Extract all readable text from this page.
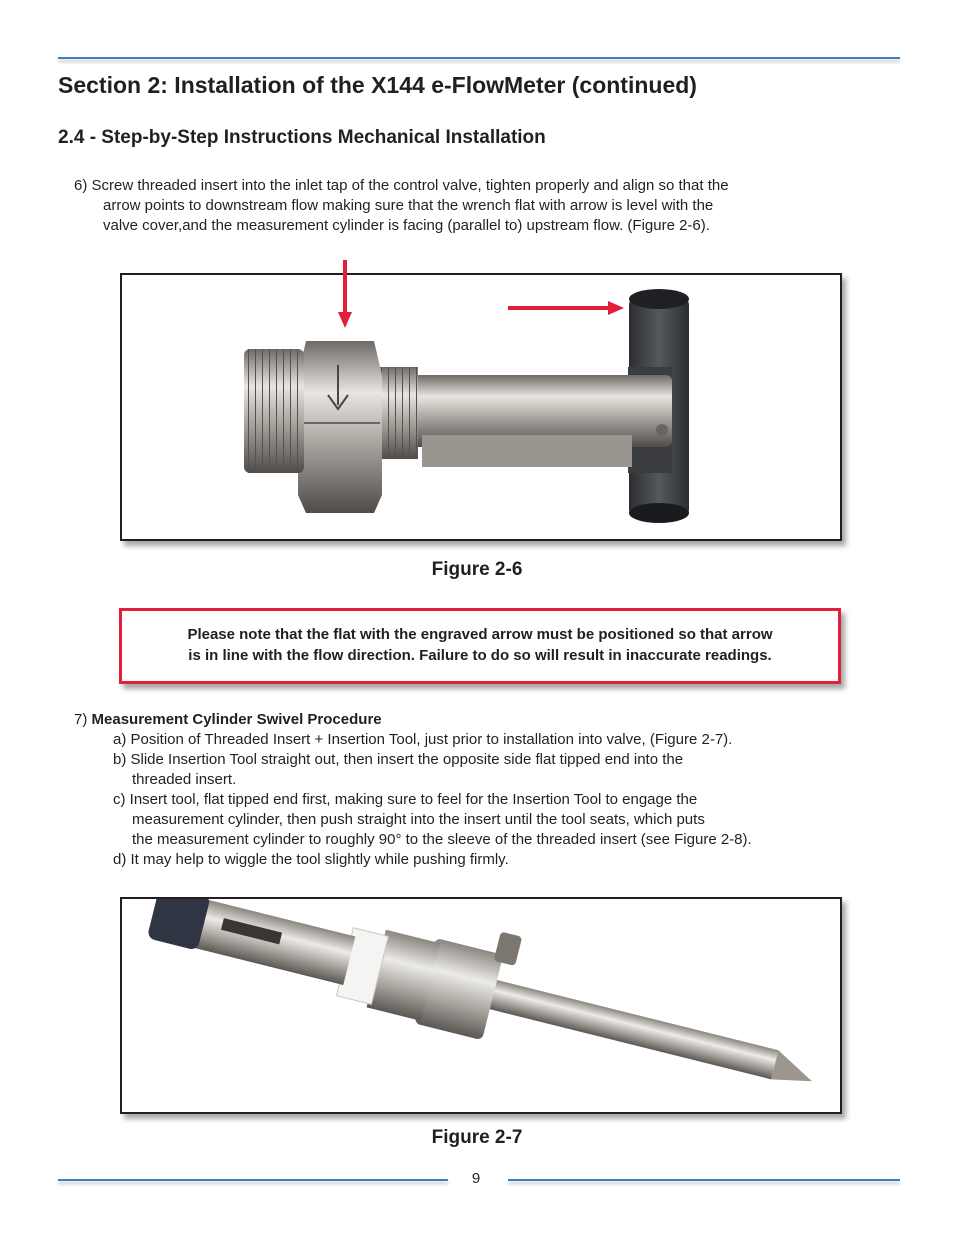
Section 2: Installation of the X144 e-FlowMeter (continued)
2.4 - Step-by-Step Instructions Mechanical Installation
6) Screw threaded insert into the inlet tap of the control valve, tighten properly and align so that the
arrow points to downstream flow making sure that the wrench flat with arrow is level with the
valve cover,and the measurement cylinder is facing (parallel to) upstream flow. (Figure 2-6).
Figure 2-6
Please note that the flat with the engraved arrow must be positioned so that arrow
is in line with the flow direction. Failure to do so will result in inaccurate readings.
7) Measurement Cylinder Swivel Procedure
a) Position of Threaded Insert + Insertion Tool, just prior to installation into valve, (Figure 2-7).
b) Slide Insertion Tool straight out, then insert the opposite side flat tipped end into the
threaded insert.
c) Insert tool, flat tipped end first, making sure to feel for the Insertion Tool to engage the
measurement cylinder, then push straight into the insert until the tool seats, which puts
the measurement cylinder to roughly 90° to the sleeve of the threaded insert (see Figure 2-8).
d) It may help to wiggle the tool slightly while pushing firmly.
Figure 2-7
9
